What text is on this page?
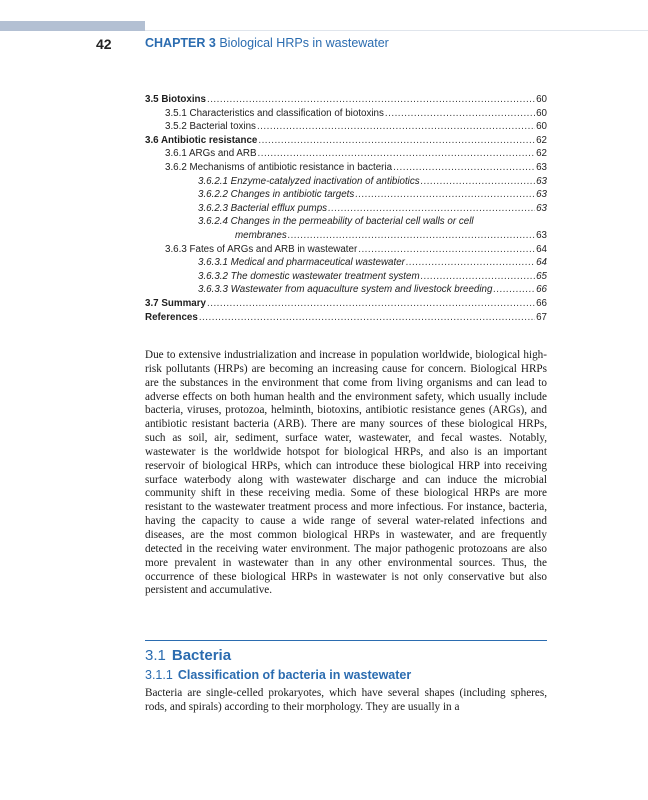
42	CHAPTER 3 Biological HRPs in wastewater
3.5 Biotoxins .....	60
3.5.1 Characteristics and classification of biotoxins .....	60
3.5.2 Bacterial toxins .....	60
3.6 Antibiotic resistance .....	62
3.6.1 ARGs and ARB .....	62
3.6.2 Mechanisms of antibiotic resistance in bacteria .....	63
3.6.2.1 Enzyme-catalyzed inactivation of antibiotics .....	63
3.6.2.2 Changes in antibiotic targets .....	63
3.6.2.3 Bacterial efflux pumps .....	63
3.6.2.4 Changes in the permeability of bacterial cell walls or cell
membranes .....	63
3.6.3 Fates of ARGs and ARB in wastewater .....	64
3.6.3.1 Medical and pharmaceutical wastewater .....	64
3.6.3.2 The domestic wastewater treatment system .....	65
3.6.3.3 Wastewater from aquaculture system and livestock breeding .....	66
3.7 Summary .....	66
References .....	67

Due to extensive industrialization and increase in population worldwide, biological high-risk pollutants (HRPs) are becoming an increasing cause for concern. Biological HRPs are the substances in the environment that come from living organisms and can lead to adverse effects on both human health and the environment safety, which usually include bacteria, viruses, protozoa, helminth, biotoxins, antibiotic resistance genes (ARGs), and antibiotic resistant bacteria (ARB). There are many sources of these biological HRPs, such as soil, air, sediment, surface water, wastewater, and fecal wastes. Notably, wastewater is the worldwide hotspot for biological HRPs, and also is an important reservoir of biological HRPs, which can introduce these biological HRP into receiving surface waterbody along with wastewater discharge and can induce the microbial community shift in these receiving media. Some of these biological HRPs are more resistant to the wastewater treatment process and more infectious. For instance, bacteria, having the capacity to cause a wide range of several water-related infections and diseases, are the most common biological HRPs in wastewater, and are frequently detected in the receiving water environment. The major pathogenic protozoans are also more prevalent in wastewater than in any other environmental sources. Thus, the occurrence of these biological HRPs in wastewater is not only conservative but also persistent and accumulative.

3.1 Bacteria
3.1.1 Classification of bacteria in wastewater

Bacteria are single-celled prokaryotes, which have several shapes (including spheres, rods, and spirals) according to their morphology. They are usually in a
